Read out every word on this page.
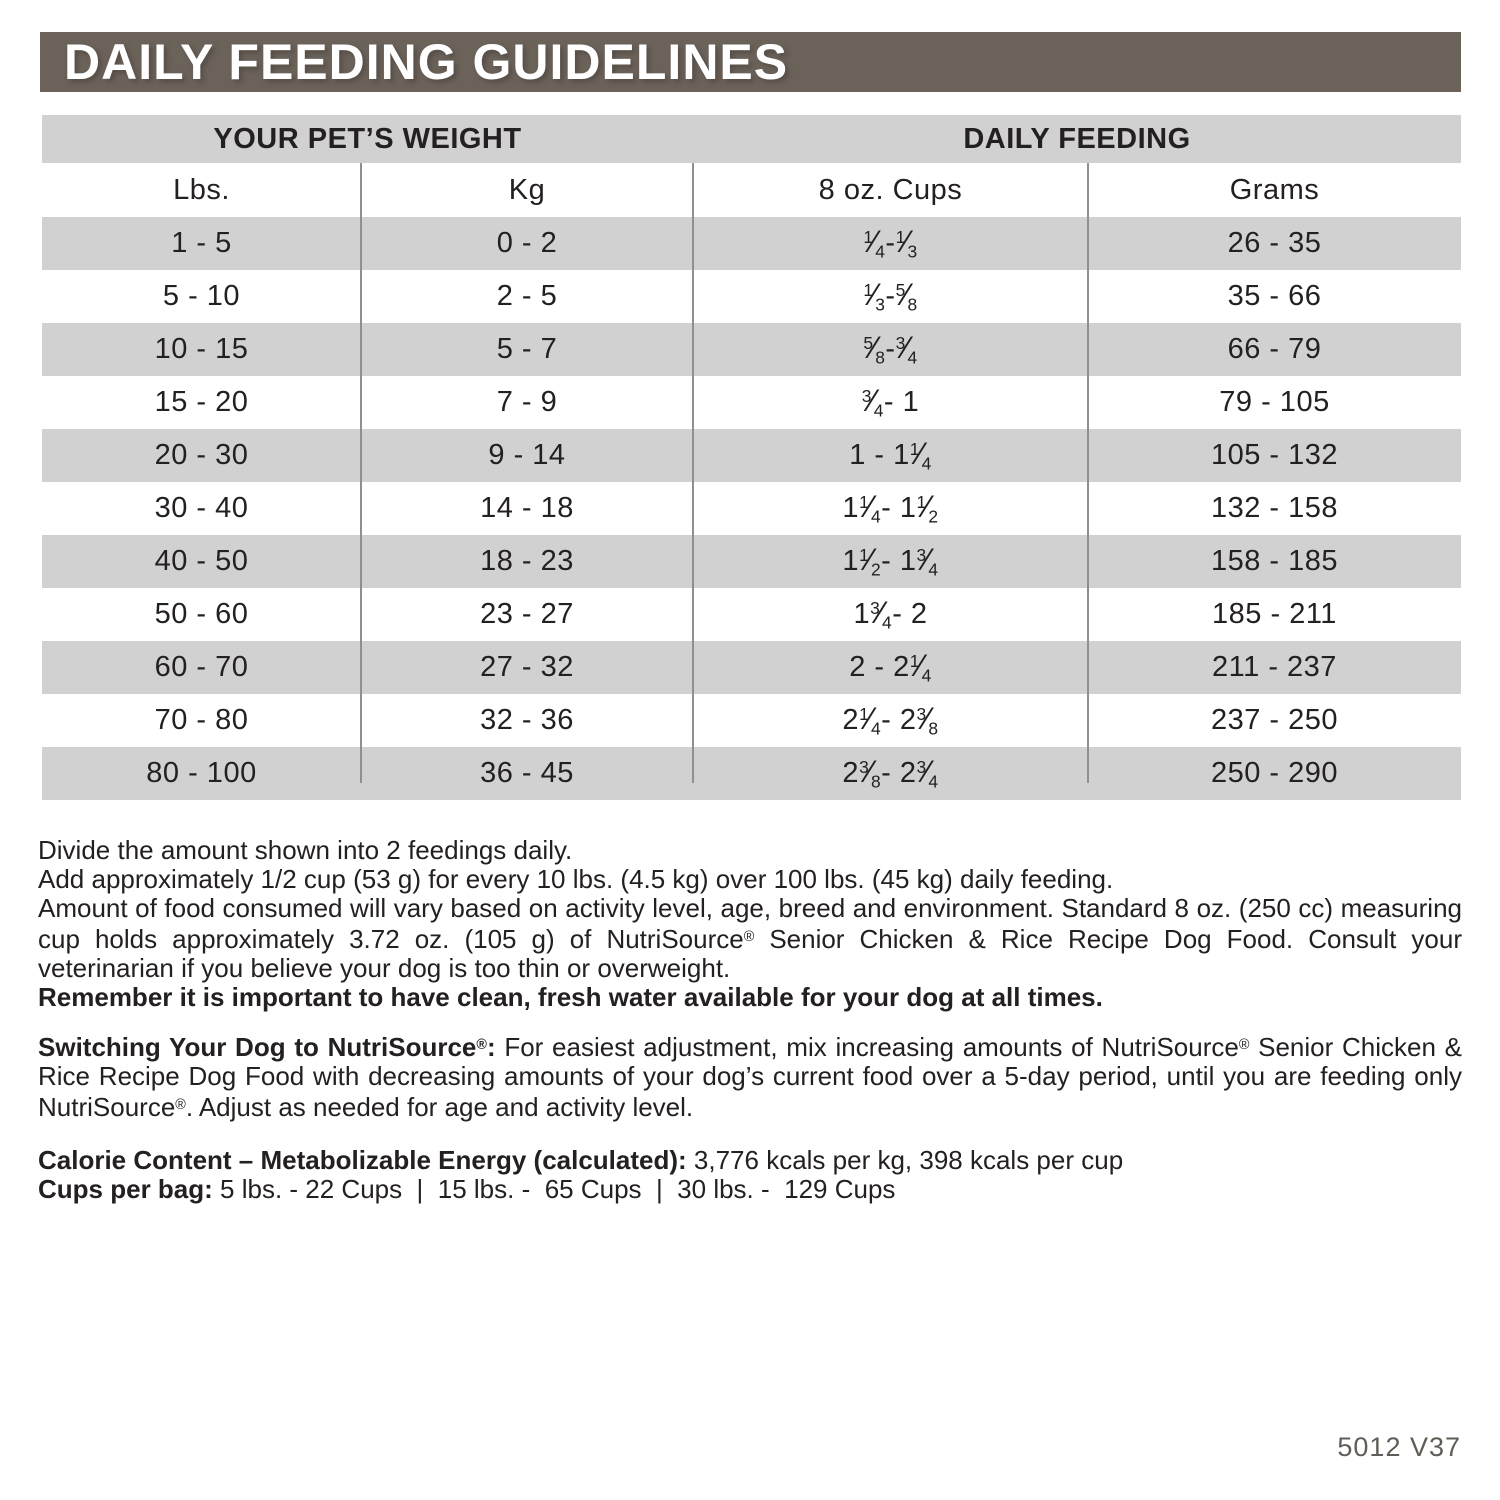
DAILY FEEDING GUIDELINES
YOUR PET’S WEIGHT	DAILY FEEDING
Lbs.	Kg	8 oz. Cups	Grams
1 - 5	0 - 2	$^1⁄_4$ - $^1⁄_3$	26 - 35
5 - 10	2 - 5	$^1⁄_3$ - $^5⁄_8$	35 - 66
10 - 15	5 - 7	$^5⁄_8$ - $^3⁄_4$	66 - 79
15 - 20	7 - 9	$^3⁄_4 - 1$	79 - 105
20 - 30	9 - 14	1 - 1 $^1⁄_4$	105 - 132
30 - 40	14 - 18	1 $^1⁄_4 - 1$ $^1⁄_2$	132 - 158
40 - 50	18 - 23	1 $^1⁄_2 - 1$ $^3⁄_4$	158 - 185
50 - 60	23 - 27	1 $^3⁄_4 - 2$	185 - 211
60 - 70	27 - 32	2 - 2 $^1⁄_4$	211 - 237
70 - 80	32 - 36	2 $^1⁄_4 - 2$ $^3⁄_8$	237 - 250
80 - 100	36 - 45	2 $^3⁄_8 - 2$ $^3⁄_4$	250 - 290

Divide the amount shown into 2 feedings daily.

Add approximately 1/2 cup (53 g) for every 10 lbs. (4.5 kg) over 100 lbs. (45 kg) daily feeding.

Amount of food consumed will vary based on activity level, age, breed and environment. Standard 8 oz. (250 cc) measuring cup holds approximately 3.72 oz. (105 g) of NutriSource® Senior Chicken & Rice Recipe Dog Food. Consult your veterinarian if you believe your dog is too thin or overweight.

Remember it is important to have clean, fresh water available for your dog at all times.

Switching Your Dog to NutriSource®: For easiest adjustment, mix increasing amounts of NutriSource® Senior Chicken & Rice Recipe Dog Food with decreasing amounts of your dog’s current food over a 5-day period, until you are feeding only NutriSource®. Adjust as needed for age and activity level.

Calorie Content – Metabolizable Energy (calculated): 3,776 kcals per kg, 398 kcals per cup

Cups per bag: 5 lbs. - 22 Cups  |  15 lbs. -  65 Cups  |  30 lbs. -  129 Cups

5012 V37
